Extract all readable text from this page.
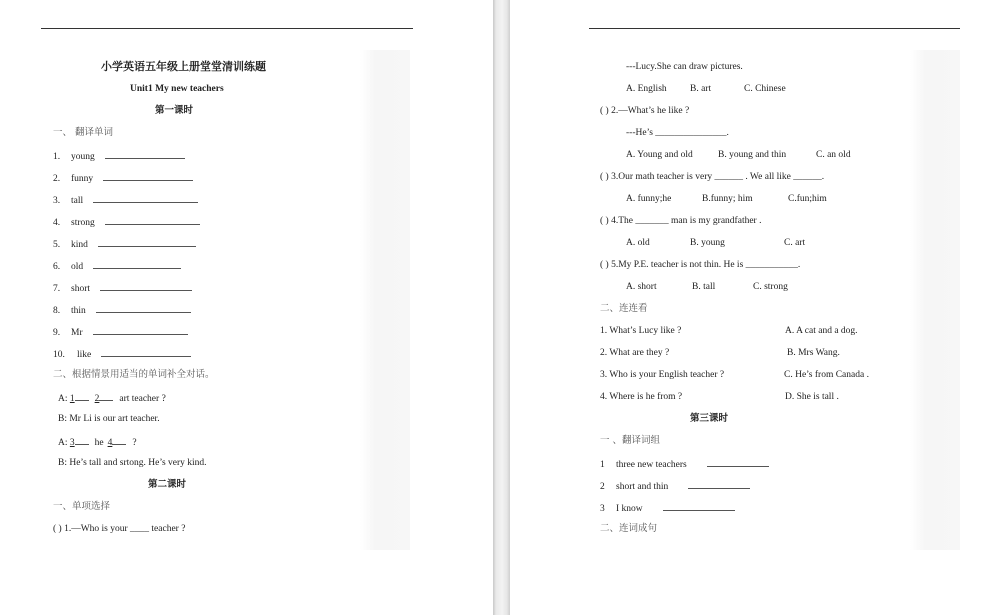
小学英语五年级上册堂堂清训练题
Unit1 My new teachers
第一课时
一、 翻译单词
1. young
2. funny
3. tall
4. strong
5. kind
6. old
7. short
8. thin
9. Mr
10. like
二、根据情景用适当的单词补全对话。
A: 1 2 art teacher ?
B: Mr Li is our art teacher.
A: 3 he 4 ?
B: He’s tall and srtong. He’s very kind.
第二课时
一、单项选择
( ) 1.—Who is your ____ teacher ?
---Lucy.She can draw pictures.
A. English B. art	C. Chinese
( ) 2.—What’s he like ?
---He’s _______________.
A. Young and old	B. young and thin	C. an old
( ) 3.Our math teacher is very ______ . We all like ______.
A. funny;he	B.funny; him	C.fun;him
( ) 4.The _______ man is my grandfather .
A. old	B. young	C. art
( ) 5.My P.E. teacher is not thin. He is ___________.
A. short	B. tall	C. strong
二、连连看
1. What’s Lucy like ?	A. A cat and a dog.
2. What are they ?	B. Mrs Wang.
3. Who is your English teacher ?	C. He’s from Canada .
4. Where is he from ?	D. She is tall .
第三课时
一 、翻译词组
1 three new teachers
2 short and thin
3 I know
二、连词成句
